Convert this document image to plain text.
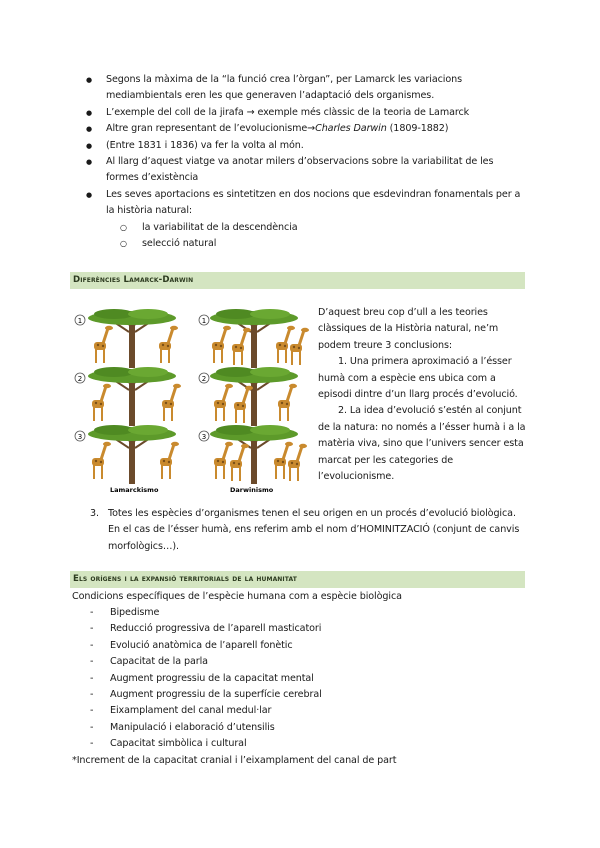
● Segons la màxima de la “la funció crea l’òrgan”, per Lamarck les variacions mediambientals eren les que generaven l’adaptació dels organismes.
● L’exemple del coll de la jirafa → exemple més clàssic de la teoria de Lamarck
● Altre gran representant de l’evolucionisme→Charles Darwin (1809-1882)
● (Entre 1831 i 1836) va fer la volta al món.
● Al llarg d’aquest viatge va anotar milers d’observacions sobre la variabilitat de les formes d’existència
● Les seves aportacions es sintetitzen en dos nocions que esdevindran fonamentals per a la història natural:
○ la variabilitat de la descendència
○ selecció natural
Diferències Lamarck-Darwin
1
2
3
1
2
3
Lamarckismo	Darwinismo
D’aquest breu cop d’ull a les teories clàssiques de la Història natural, ne’m podem treure 3 conclusions:
1. Una primera aproximació a l’ésser humà com a espècie ens ubica com a episodi dintre d’un llarg procés d’evolució.
2. La idea d’evolució s’estén al conjunt de la natura: no només a l’ésser humà i a la matèria viva, sino que l’univers sencer esta marcat per les categories de l’evolucionisme.
3. Totes les espècies d’organismes tenen el seu origen en un procés d’evolució biològica. En el cas de l’ésser humà, ens referim amb el nom d’HOMINITZACIÓ (conjunt de canvis morfològics…).
Els orígens i la expansió territorials de la humanitat
Condicions específiques de l’espècie humana com a espècie biològica
- Bipedisme
- Reducció progressiva de l’aparell masticatori
- Evolució anatòmica de l’aparell fonètic
- Capacitat de la parla
- Augment progressiu de la capacitat mental
- Augment progressiu de la superfície cerebral
- Eixamplament del canal medul·lar
- Manipulació i elaboració d’utensilis
- Capacitat simbòlica i cultural
*Increment de la capacitat cranial i l’eixamplament del canal de part
